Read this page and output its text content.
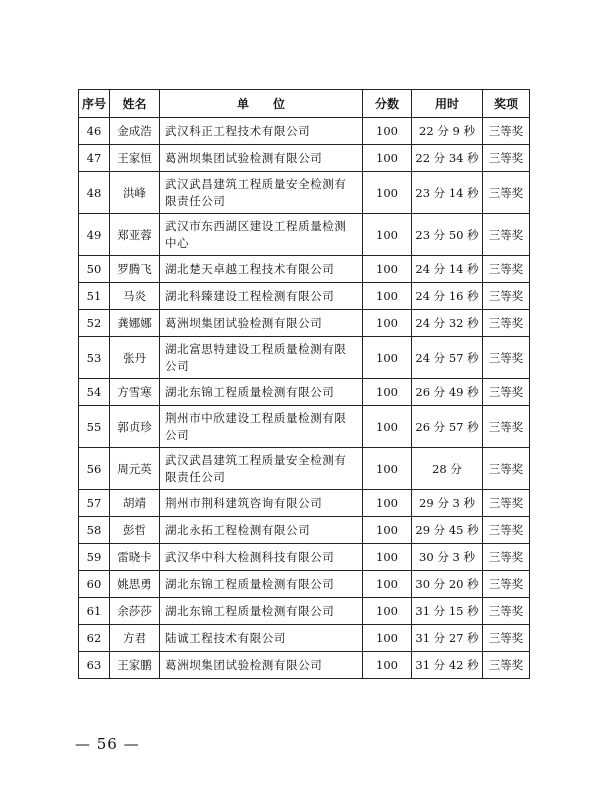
序号	姓名	单　　位	分数	用时	奖项
46	金成浩	武汉科正工程技术有限公司	100	22 分 9 秒	三等奖
47	王家恒	葛洲坝集团试验检测有限公司	100	22 分 34 秒	三等奖
48	洪峰	武汉武昌建筑工程质量安全检测有限责任公司	100	23 分 14 秒	三等奖
49	郑亚蓉	武汉市东西湖区建设工程质量检测中心	100	23 分 50 秒	三等奖
50	罗腾飞	湖北楚天卓越工程技术有限公司	100	24 分 14 秒	三等奖
51	马炎	湖北科臻建设工程检测有限公司	100	24 分 16 秒	三等奖
52	龚娜娜	葛洲坝集团试验检测有限公司	100	24 分 32 秒	三等奖
53	张丹	湖北富思特建设工程质量检测有限公司	100	24 分 57 秒	三等奖
54	方雪寒	湖北东锦工程质量检测有限公司	100	26 分 49 秒	三等奖
55	郭贞珍	荆州市中欣建设工程质量检测有限公司	100	26 分 57 秒	三等奖
56	周元英	武汉武昌建筑工程质量安全检测有限责任公司	100	28 分	三等奖
57	胡靖	荆州市荆科建筑咨询有限公司	100	29 分 3 秒	三等奖
58	彭哲	湖北永拓工程检测有限公司	100	29 分 45 秒	三等奖
59	雷晓卡	武汉华中科大检测科技有限公司	100	30 分 3 秒	三等奖
60	姚思勇	湖北东锦工程质量检测有限公司	100	30 分 20 秒	三等奖
61	余莎莎	湖北东锦工程质量检测有限公司	100	31 分 15 秒	三等奖
62	方君	陆诚工程技术有限公司	100	31 分 27 秒	三等奖
63	王家鹏	葛洲坝集团试验检测有限公司	100	31 分 42 秒	三等奖
— 56 —
